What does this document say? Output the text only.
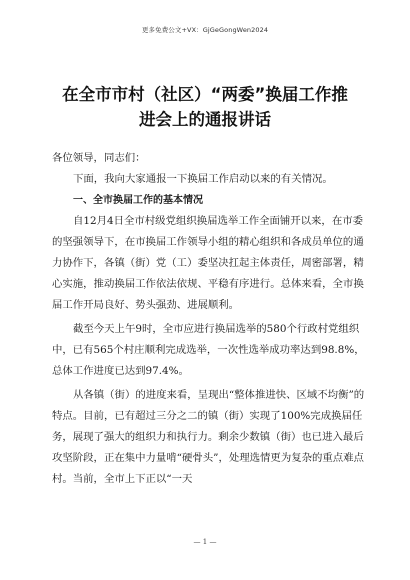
更多免费公文+VX：GjGeGongWen2024
在全市市村（社区）“两委”换届工作推
进会上的通报讲话

各位领导，同志们：

下面，我向大家通报一下换届工作启动以来的有关情况。

一、全市换届工作的基本情况

自12月4日全市村级党组织换届选举工作全面铺开以来，在市委的坚强领导下，在市换届工作领导小组的精心组织和各成员单位的通力协作下，各镇（街）党（工）委坚决扛起主体责任，周密部署，精心实施，推动换届工作依法依规、平稳有序进行。总体来看，全市换届工作开局良好、势头强劲、进展顺利。

截至今天上午9时，全市应进行换届选举的580个行政村党组织中，已有565个村庄顺利完成选举，一次性选举成功率达到98.8%，总体工作进度已达到97.4%。

从各镇（街）的进度来看，呈现出“整体推进快、区域不均衡”的特点。目前，已有超过三分之二的镇（街）实现了100%完成换届任务，展现了强大的组织力和执行力。剩余少数镇（街）也已进入最后攻坚阶段，正在集中力量啃“硬骨头”，处理选情更为复杂的重点难点村。当前，全市上下正以“一天

— 1 —
